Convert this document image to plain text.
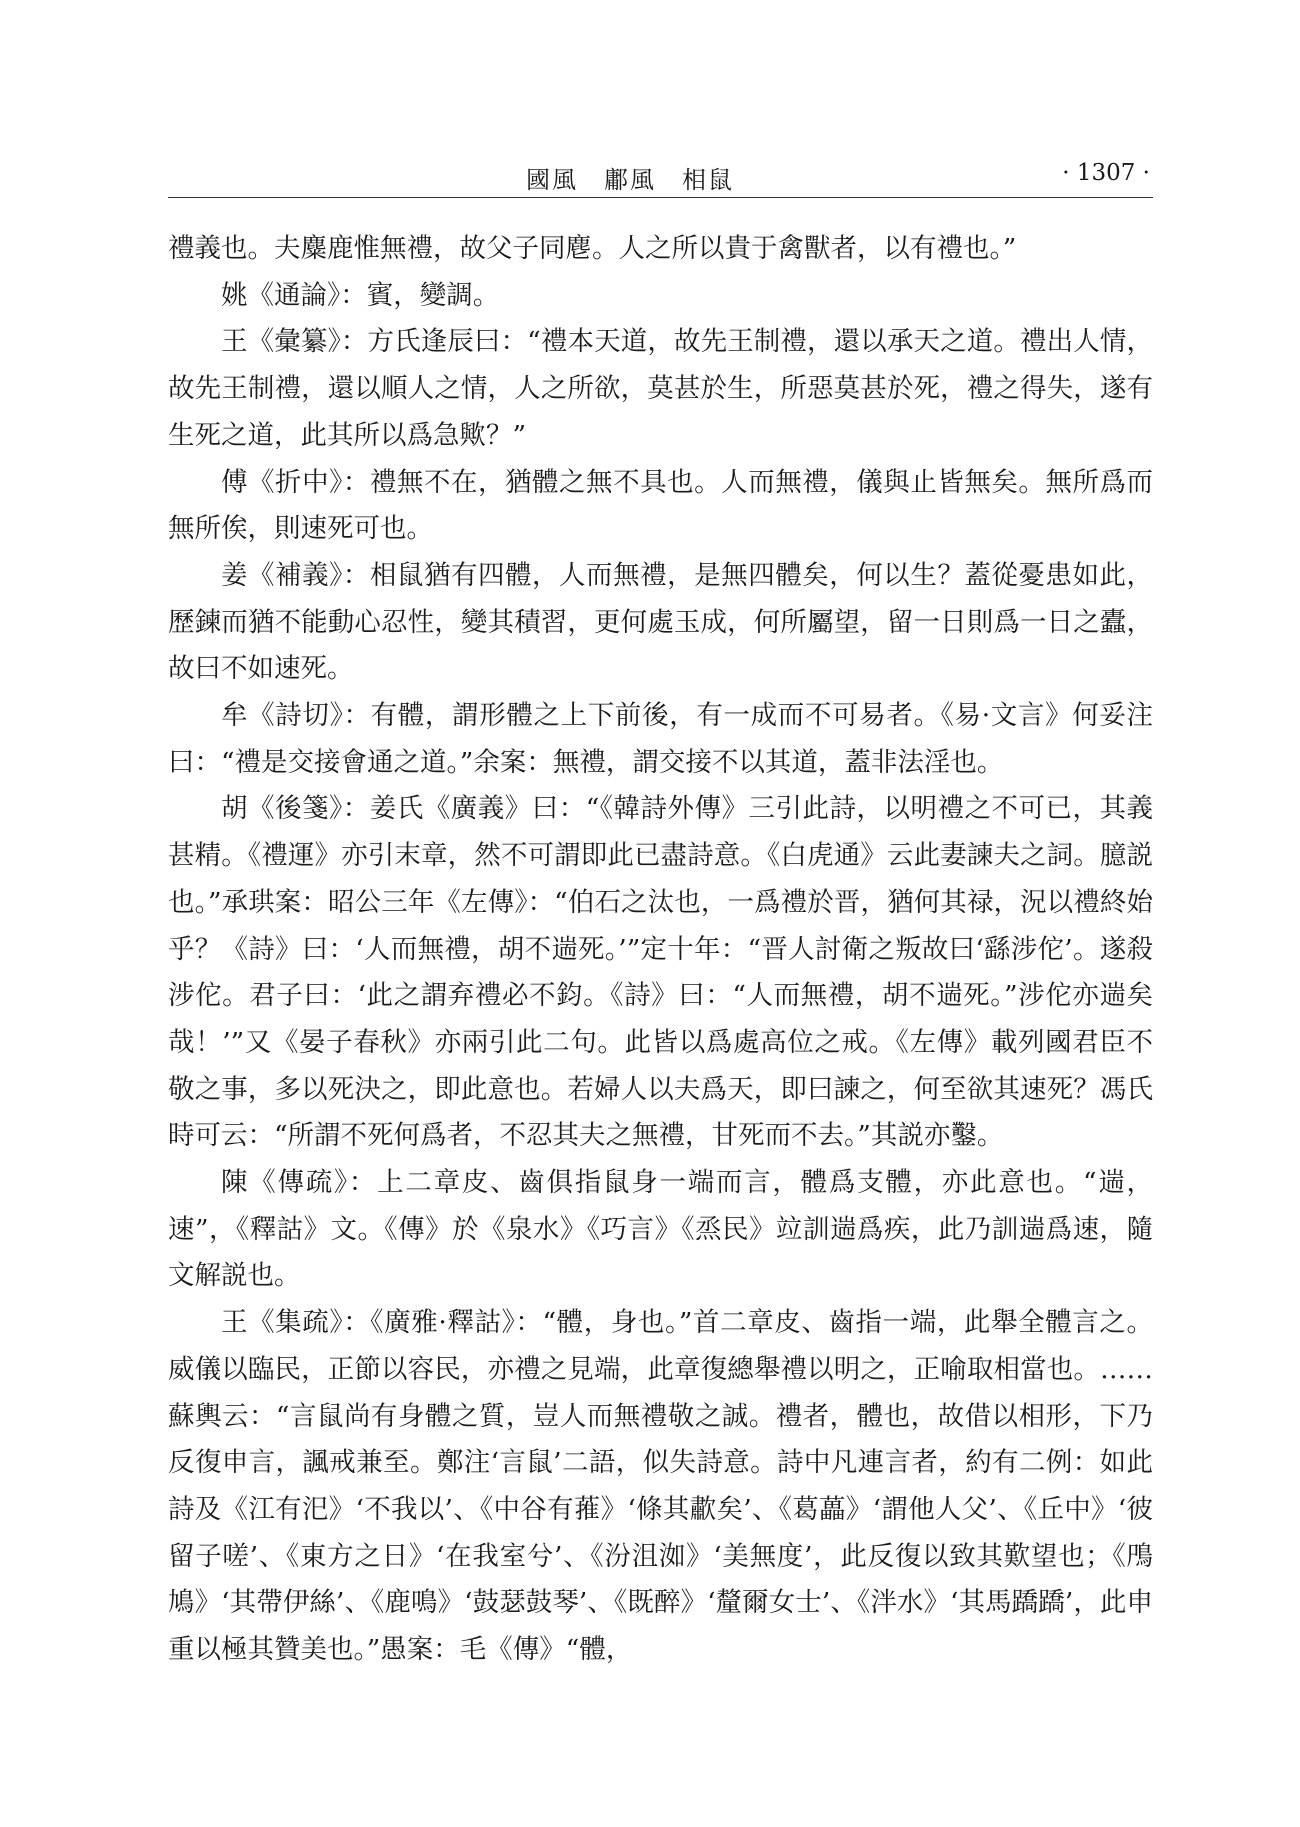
國風　鄘風　相鼠	· 1307 ·

禮義也。夫麋鹿惟無禮，故父子同麀。人之所以貴于禽獸者，以有禮也。”

姚《通論》：賓，變調。

王《彙纂》：方氏逢辰曰：“禮本天道，故先王制禮，還以承天之道。禮出人情，故先王制禮，還以順人之情，人之所欲，莫甚於生，所惡莫甚於死，禮之得失，遂有生死之道，此其所以爲急歟？”

傅《折中》：禮無不在，猶體之無不具也。人而無禮，儀與止皆無矣。無所爲而無所俟，則速死可也。

姜《補義》：相鼠猶有四體，人而無禮，是無四體矣，何以生？蓋從憂患如此，歷鍊而猶不能動心忍性，變其積習，更何處玉成，何所屬望，留一日則爲一日之蠹，故曰不如速死。

牟《詩切》：有體，謂形體之上下前後，有一成而不可易者。《易·文言》何妥注曰：“禮是交接會通之道。”余案：無禮，謂交接不以其道，蓋非法淫也。

胡《後箋》：姜氏《廣義》曰：“《韓詩外傳》三引此詩，以明禮之不可已，其義甚精。《禮運》亦引末章，然不可謂即此已盡詩意。《白虎通》云此妻諫夫之詞。臆説也。”承珙案：昭公三年《左傳》：“伯石之汰也，一爲禮於晋，猶何其禄，況以禮終始乎？《詩》曰：‘人而無禮，胡不遄死。’”定十年：“晋人討衛之叛故曰‘繇涉佗’。遂殺涉佗。君子曰：‘此之謂弃禮必不鈞。《詩》曰：“人而無禮，胡不遄死。”涉佗亦遄矣哉！’”又《晏子春秋》亦兩引此二句。此皆以爲處高位之戒。《左傳》載列國君臣不敬之事，多以死決之，即此意也。若婦人以夫爲天，即曰諫之，何至欲其速死？馮氏時可云：“所謂不死何爲者，不忍其夫之無禮，甘死而不去。”其説亦鑿。

陳《傳疏》：上二章皮、齒俱指鼠身一端而言，體爲支體，亦此意也。“遄，速”，《釋詁》文。《傳》於《泉水》《巧言》《烝民》竝訓遄爲疾，此乃訓遄爲速，隨文解説也。

王《集疏》：《廣雅·釋詁》：“體，身也。”首二章皮、齒指一端，此舉全體言之。威儀以臨民，正節以容民，亦禮之見端，此章復總舉禮以明之，正喻取相當也。……蘇輿云：“言鼠尚有身體之質，豈人而無禮敬之誠。禮者，體也，故借以相形，下乃反復申言，諷戒兼至。鄭注‘言鼠’二語，似失詩意。詩中凡連言者，約有二例：如此詩及《江有汜》‘不我以’、《中谷有蓷》‘條其歗矣’、《葛藟》‘謂他人父’、《丘中》‘彼留子嗟’、《東方之日》‘在我室兮’、《汾沮洳》‘美無度’，此反復以致其歎望也；《鳲鳩》‘其帶伊絲’、《鹿鳴》‘鼓瑟鼓琴’、《既醉》‘釐爾女士’、《泮水》‘其馬蹻蹻’，此申重以極其贊美也。”愚案：毛《傳》“體，
